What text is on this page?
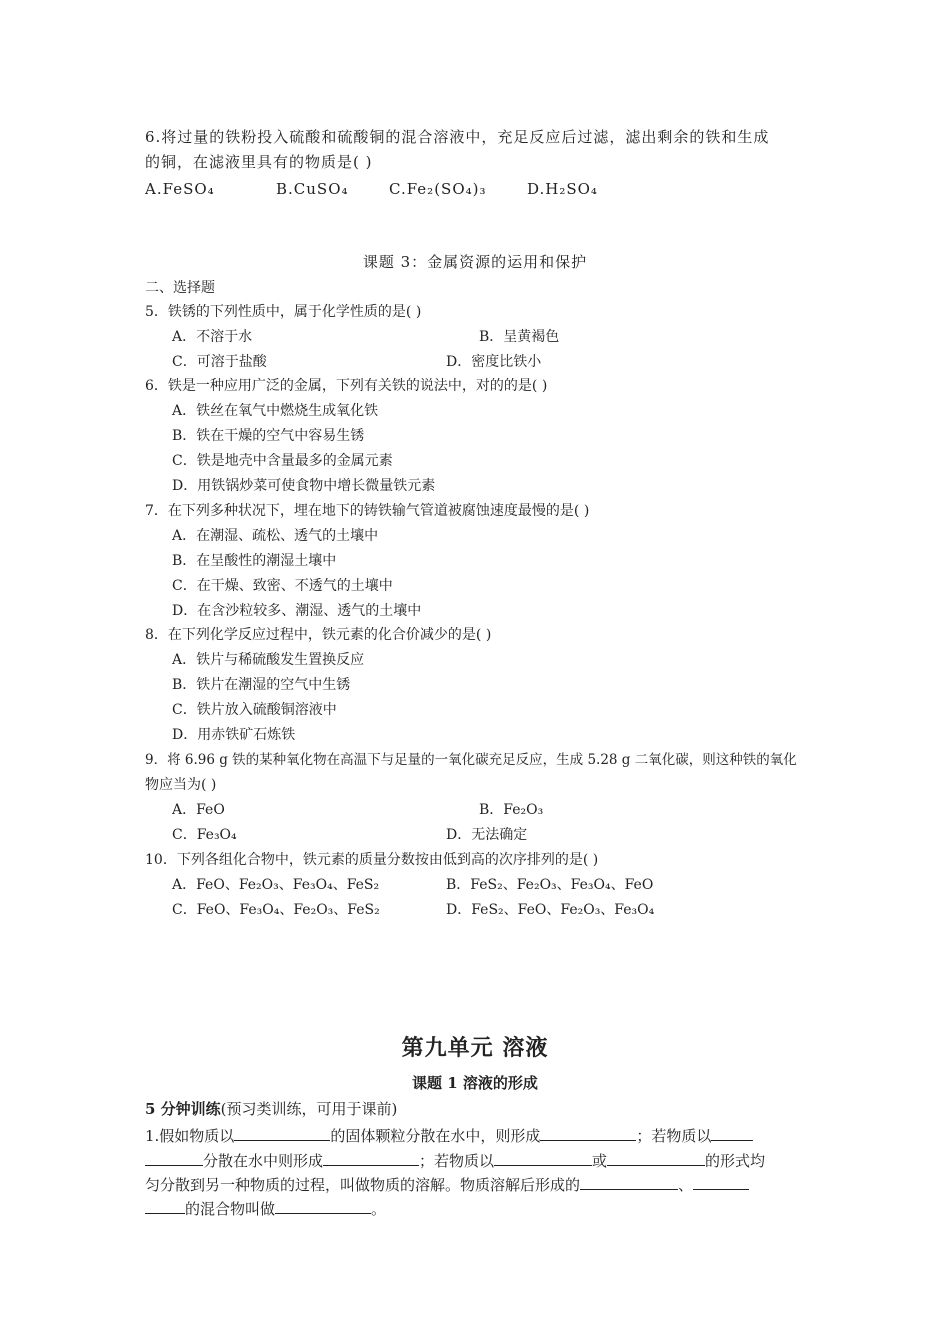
6.将过量的铁粉投入硫酸和硫酸铜的混合溶液中，充足反应后过滤，滤出剩余的铁和生成
的铜，在滤液里具有的物质是( )
A.FeSO₄	B.CuSO₄	C.Fe₂(SO₄)₃	D.H₂SO₄
课题 3：金属资源的运用和保护
二、选择题
5．铁锈的下列性质中，属于化学性质的是( )
A．不溶于水	B．呈黄褐色
C．可溶于盐酸	D．密度比铁小
6．铁是一种应用广泛的金属，下列有关铁的说法中，对的的是( )
A．铁丝在氧气中燃烧生成氧化铁
B．铁在干燥的空气中容易生锈
C．铁是地壳中含量最多的金属元素
D．用铁锅炒菜可使食物中增长微量铁元素
7．在下列多种状况下，埋在地下的铸铁输气管道被腐蚀速度最慢的是( )
A．在潮湿、疏松、透气的土壤中
B．在呈酸性的潮湿土壤中
C．在干燥、致密、不透气的土壤中
D．在含沙粒较多、潮湿、透气的土壤中
8．在下列化学反应过程中，铁元素的化合价减少的是( )
A．铁片与稀硫酸发生置换反应
B．铁片在潮湿的空气中生锈
C．铁片放入硫酸铜溶液中
D．用赤铁矿石炼铁
9．将 6.96 g 铁的某种氧化物在高温下与足量的一氧化碳充足反应，生成 5.28 g 二氧化碳，则这种铁的氧化
物应当为( )
A．FeO	B．Fe₂O₃
C．Fe₃O₄	D．无法确定
10．下列各组化合物中，铁元素的质量分数按由低到高的次序排列的是( )
A．FeO、Fe₂O₃、Fe₃O₄、FeS₂	B．FeS₂、Fe₂O₃、Fe₃O₄、FeO
C．FeO、Fe₃O₄、Fe₂O₃、FeS₂	D．FeS₂、FeO、Fe₂O₃、Fe₃O₄
第九单元 溶液
课题 1 溶液的形成
5 分钟训练(预习类训练，可用于课前)
1.假如物质以	的固体颗粒分散在水中，则形成	；若物质以
分散在水中则形成	；若物质以	或	的形式均
匀分散到另一种物质的过程，叫做物质的溶解。物质溶解后形成的	、
的混合物叫做	。
